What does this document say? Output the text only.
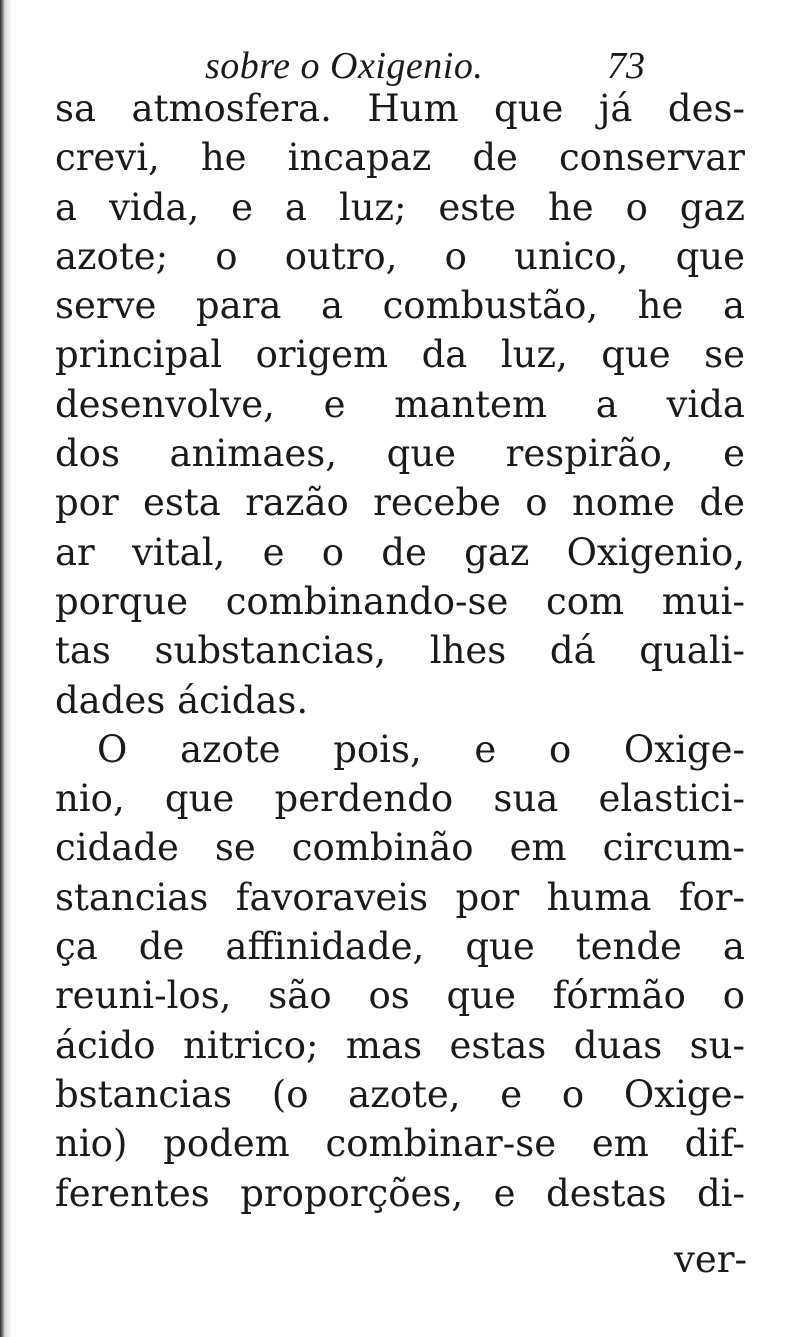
sobre o Oxigenio.	73
sa atmosfera. Hum que já des-
crevi, he incapaz de conservar
a vida, e a luz; este he o gaz
azote; o outro, o unico, que
serve para a combustão, he a
principal origem da luz, que se
desenvolve, e mantem a vida
dos animaes, que respirão, e
por esta razão recebe o nome de
ar vital, e o de gaz Oxigenio,
porque combinando-se com mui-
tas substancias, lhes dá quali-
dades ácidas.
O azote pois, e o Oxige-
nio, que perdendo sua elastici-
cidade se combinão em circum-
stancias favoraveis por huma for-
ça de affinidade, que tende a
reuni-los, são os que fórmão o
ácido nitrico; mas estas duas su-
bstancias (o azote, e o Oxige-
nio) podem combinar-se em dif-
ferentes proporções, e destas di-
ver-
